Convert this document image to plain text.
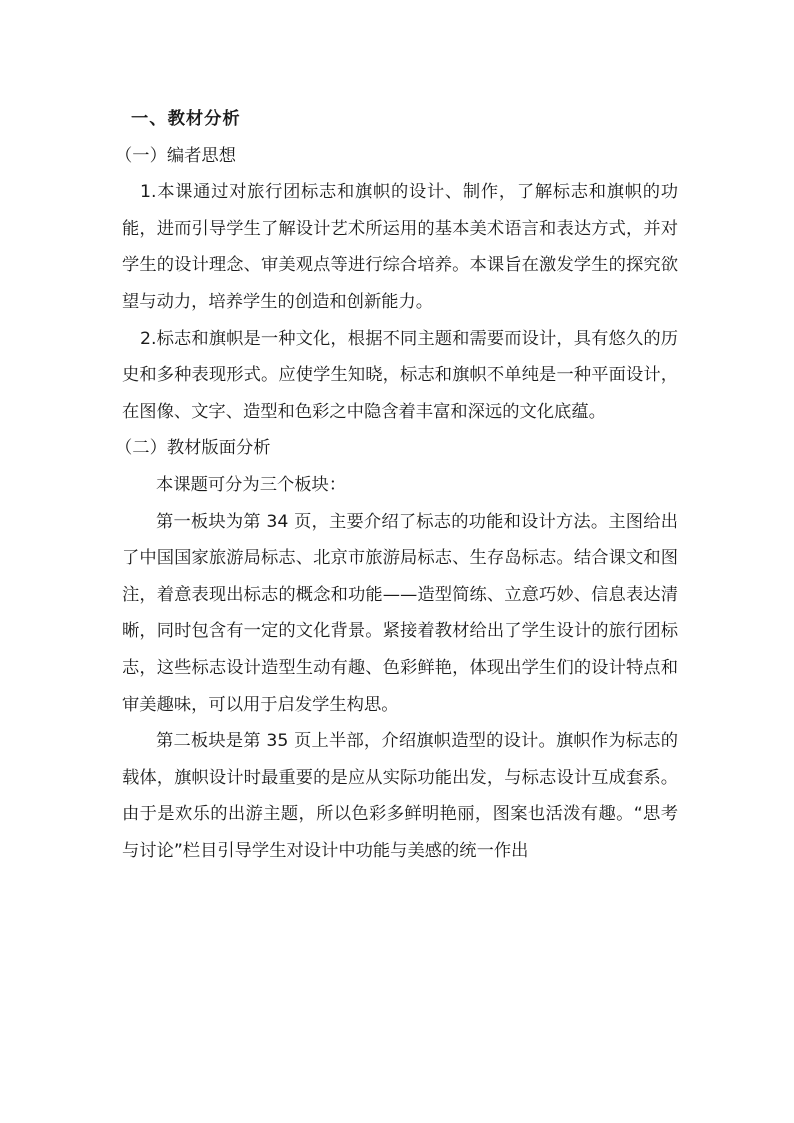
一、教材分析

（一）编者思想

1.本课通过对旅行团标志和旗帜的设计、制作，了解标志和旗帜的功能，进而引导学生了解设计艺术所运用的基本美术语言和表达方式，并对学生的设计理念、审美观点等进行综合培养。本课旨在激发学生的探究欲望与动力，培养学生的创造和创新能力。

2.标志和旗帜是一种文化，根据不同主题和需要而设计，具有悠久的历史和多种表现形式。应使学生知晓，标志和旗帜不单纯是一种平面设计，在图像、文字、造型和色彩之中隐含着丰富和深远的文化底蕴。

（二）教材版面分析

本课题可分为三个板块：

第一板块为第 34 页，主要介绍了标志的功能和设计方法。主图给出了中国国家旅游局标志、北京市旅游局标志、生存岛标志。结合课文和图注，着意表现出标志的概念和功能——造型简练、立意巧妙、信息表达清晰，同时包含有一定的文化背景。紧接着教材给出了学生设计的旅行团标志，这些标志设计造型生动有趣、色彩鲜艳，体现出学生们的设计特点和审美趣味，可以用于启发学生构思。

第二板块是第 35 页上半部，介绍旗帜造型的设计。旗帜作为标志的载体，旗帜设计时最重要的是应从实际功能出发，与标志设计互成套系。由于是欢乐的出游主题，所以色彩多鲜明艳丽，图案也活泼有趣。“思考与讨论”栏目引导学生对设计中功能与美感的统一作出
